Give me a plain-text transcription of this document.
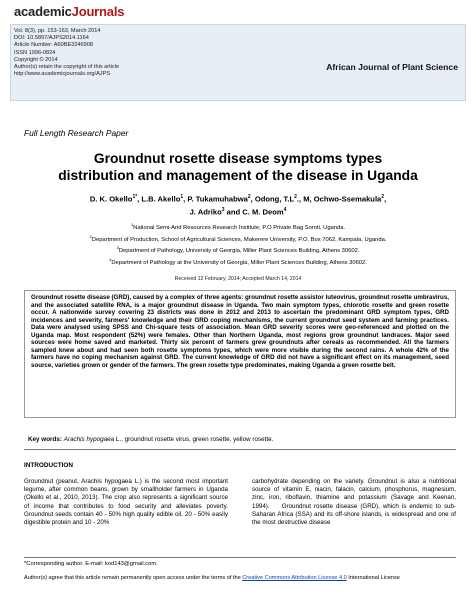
academicJournals
Vol. 8(3), pp. 153-163, March 2014
DOI: 10.5897/AJPS2014.1164
Article Number: A60BE3246908
ISSN 1996-0824
Copyright © 2014
Author(s) retain the copyright of this article
http://www.academicjournals.org/AJPS
African Journal of Plant Science
Full Length Research Paper
Groundnut rosette disease symptoms types
distribution and management of the disease in Uganda
D. K. Okello$^{1*}$, L.B. Akello$^1$, P. Tukamuhabwa$^2$, Odong, $T.L^2$., M, Ochwo-Ssemakula$^2$,
J. Adriko$^3$ and C. M. Deom$^4$
$^1$National Semi-Arid Resources Research Institute, P.O Private Bag Soroti, Uganda.
$^2$Department of Production, School of Agricultural Sciences, Makerere University, P.O. Box 7062, Kampala, Uganda.
$^3$Department of Pathology, University of Georgia, Miller Plant Sciences Building, Athens 30602.
$^4$Department of Pathology at the University of Georgia, Miller Plant Sciences Building, Athens 30602.
Received 12 February, 2014; Accepted March 14, 2014
Groundnut rosette disease (GRD), caused by a complex of three agents: groundnut rosette assistor luteovirus, groundnut rosette umbravirus, and the associated satellite RNA, is a major groundnut disease in Uganda. Two main symptom types, chlorotic rosette and green rosette occur. A nationwide survey covering 23 districts was done in 2012 and 2013 to ascertain the predominant GRD symptom types, GRD incidences and severity, farmers' knowledge and their GRD coping mechanisms, the current groundnut seed system and farming practices. Data were analysed using SPSS and Chi-square tests of association. Mean GRD severity scores were geo-referenced and plotted on the Uganda map. Most respondent (52%) were females. Other than Northern Uganda, most regions grow groundnut landraces. Major seed sources were home saved and marketed. Thirty six percent of farmers grew groundnuts after cereals as recommended. All the farmers sampled knew about and had seen both rosette symptoms types, which were more visible during the second rains. A whole 42% of the farmers have no coping mechanism against GRD. The current knowledge of GRD did not have a significant effect on its management, seed source, varieties grown or gender of the farmers. The green rosette type predominates, making Uganda a green rosette belt.
Key words: Arachis hypogaea L., groundnut rosette virus, green rosette, yellow rosette.
INTRODUCTION
Groundnut (peanut, Arachis hypogaea L.) is the second most important legume, after common beans, grown by smallholder farmers in Uganda (Okello et al., 2010, 2013). The crop also represents a significant source of income that contributes to food security and alleviates poverty. Groundnut seeds contain 40 - 50% high quality edible oil, 20 - 50% easily digestible protein and 10 - 20%
carbohydrate depending on the variety. Groundnut is also a nutritional source of vitamin E, niacin, falacin, calcium, phosphorus, magnesium, zinc, iron, riboflavin, thiamine and potassium (Savage and Keenan, 1994).    Groundnut rosette disease (GRD), which is endemic to sub-Saharan Africa (SSA) and its off-shore islands, is widespread and one of the most destructive disease
*Corresponding author. E-mail: kod143@gmail.com.
Author(s) agree that this article remain permanently open access under the terms of the Creative Commons Attribution License 4.0 International License
